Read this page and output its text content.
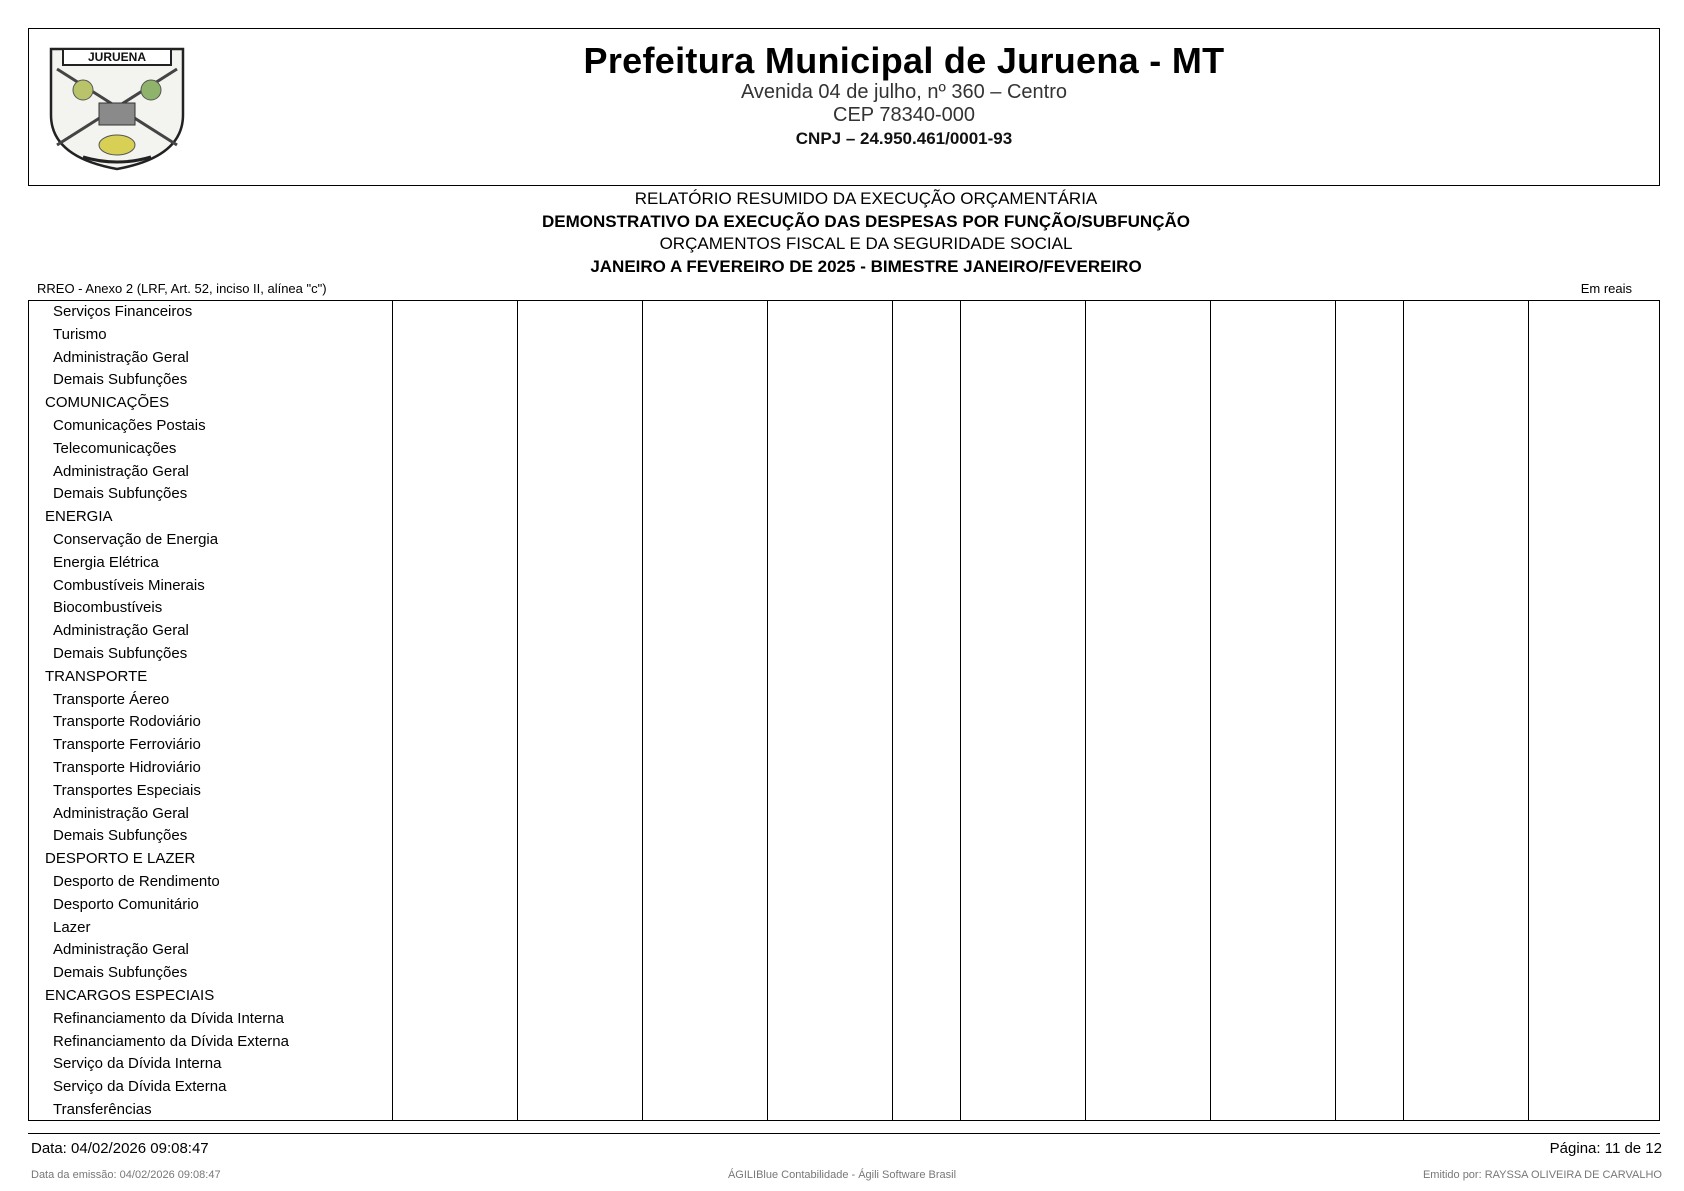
JURUENA	Prefeitura Municipal de Juruena - MT
Avenida 04 de julho, nº 360 – Centro
CEP 78340-000
CNPJ – 24.950.461/0001-93
RELATÓRIO RESUMIDO DA EXECUÇÃO ORÇAMENTÁRIA
DEMONSTRATIVO DA EXECUÇÃO DAS DESPESAS POR FUNÇÃO/SUBFUNÇÃO
ORÇAMENTOS FISCAL E DA SEGURIDADE SOCIAL
JANEIRO A FEVEREIRO DE 2025 - BIMESTRE JANEIRO/FEVEREIRO
RREO - Anexo 2 (LRF, Art. 52, inciso II, alínea "c")	Em reais
Serviços Financeiros
Turismo
Administração Geral
Demais Subfunções
COMUNICAÇÕES
Comunicações Postais
Telecomunicações
Administração Geral
Demais Subfunções
ENERGIA
Conservação de Energia
Energia Elétrica
Combustíveis Minerais
Biocombustíveis
Administração Geral
Demais Subfunções
TRANSPORTE
Transporte Áereo
Transporte Rodoviário
Transporte Ferroviário
Transporte Hidroviário
Transportes Especiais
Administração Geral
Demais Subfunções
DESPORTO E LAZER
Desporto de Rendimento
Desporto Comunitário
Lazer
Administração Geral
Demais Subfunções
ENCARGOS ESPECIAIS
Refinanciamento da Dívida Interna
Refinanciamento da Dívida Externa
Serviço da Dívida Interna
Serviço da Dívida Externa
Transferências
Data: 04/02/2026 09:08:47	Página: 11 de 12
Data da emissão: 04/02/2026 09:08:47	ÁGILIBlue Contabilidade - Ágili Software Brasil	Emitido por: RAYSSA OLIVEIRA DE CARVALHO
